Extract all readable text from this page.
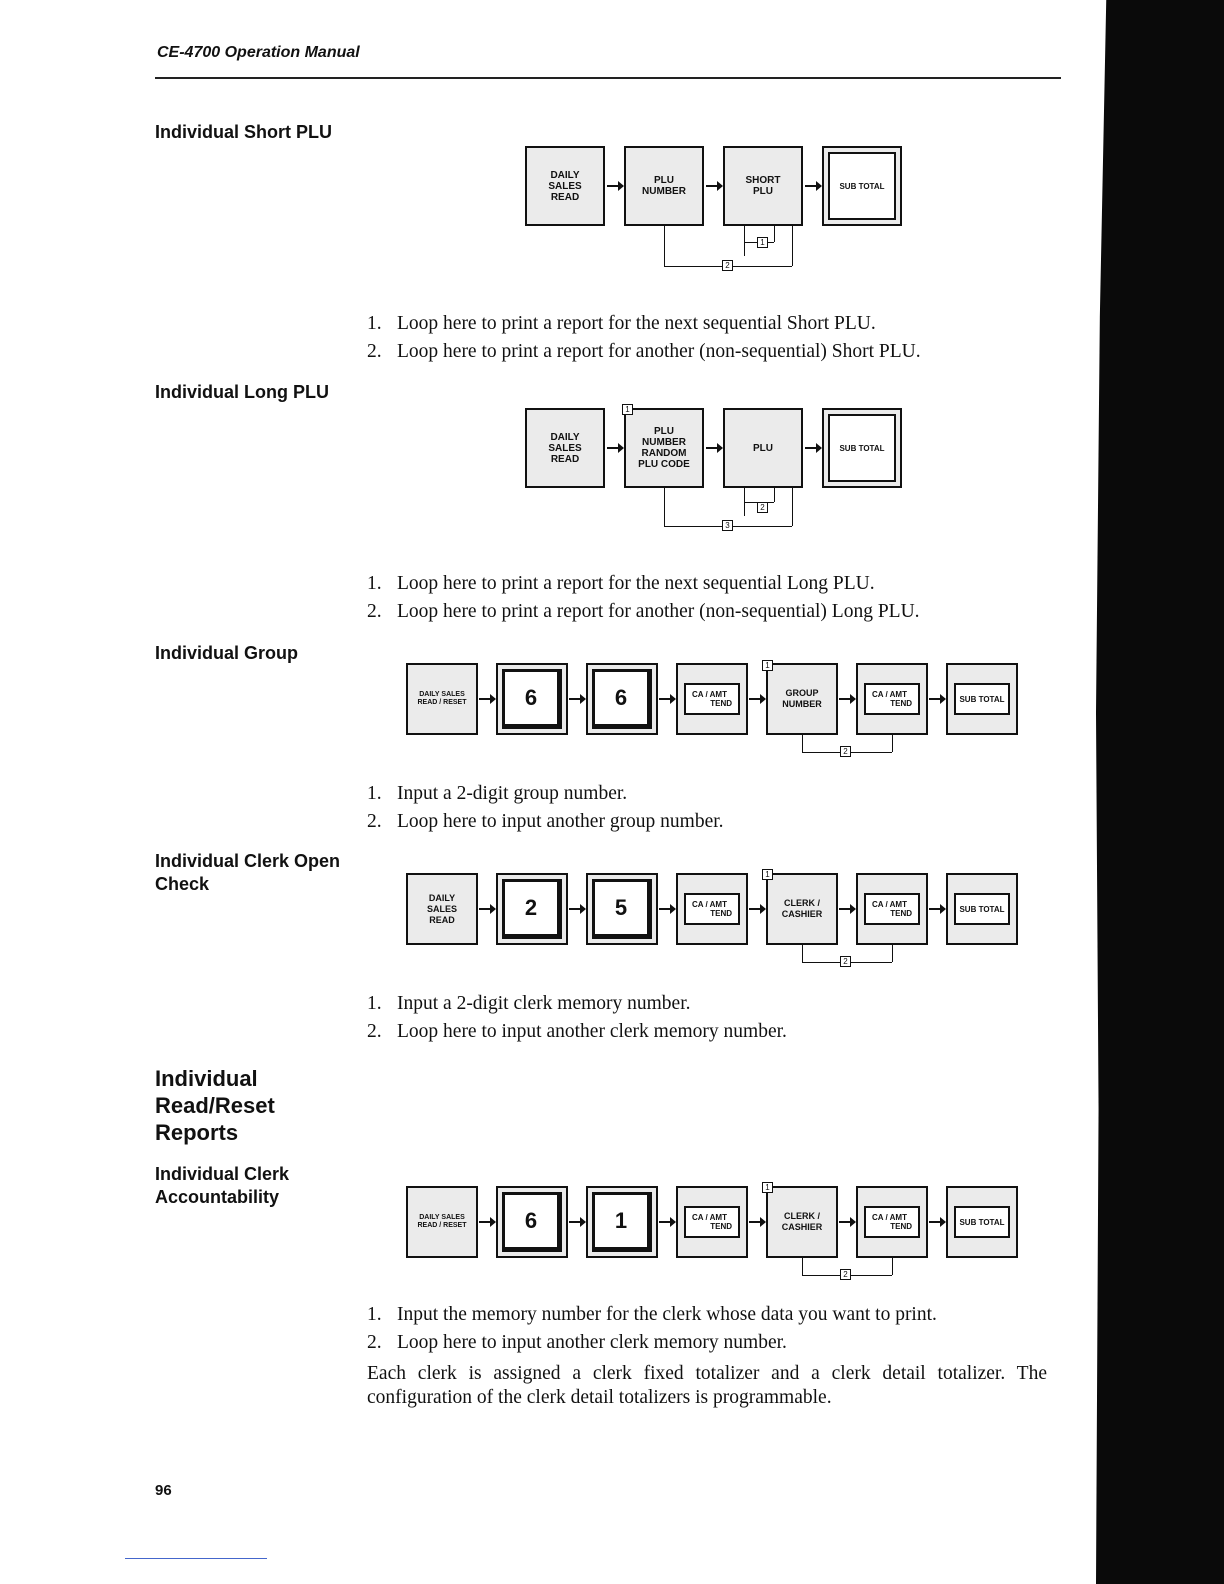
CE-4700 Operation Manual
Individual Short PLU
DAILY
SALES
READ
PLU
NUMBER
SHORT
PLU	SUB TOTAL
1
2
1. Loop here to print a report for the next sequential Short PLU.
2. Loop here to print a report for another (non-sequential) Short PLU.
Individual Long PLU
DAILY
SALES
READ
PLU
NUMBER
RANDOM
PLU CODE
1
PLU	SUB TOTAL
2
3
1. Loop here to print a report for the next sequential Long PLU.
2. Loop here to print a report for another (non-sequential) Long PLU.
Individual Group
DAILY SALES
READ / RESET	6	6	CA / AMT
TEND
GROUP
NUMBER
1
CA / AMT
TEND	SUB TOTAL
2
1. Input a 2-digit group number.
2. Loop here to input another group number.
Individual Clerk Open
Check
DAILY
SALES
READ	2	5	CA / AMT
TEND
CLERK /
CASHIER
1
CA / AMT
TEND	SUB TOTAL
2
1. Input a 2-digit clerk memory number.
2. Loop here to input another clerk memory number.
Individual
Read/Reset
Reports
Individual Clerk
Accountability
DAILY SALES
READ / RESET	6	1	CA / AMT
TEND
CLERK /
CASHIER
1
CA / AMT
TEND	SUB TOTAL
2
1. Input the memory number for the clerk whose data you want to print.
2. Loop here to input another clerk memory number.

Each clerk is assigned a clerk fixed totalizer and a clerk detail totalizer. The configuration of the clerk detail totalizers is programmable.

96
